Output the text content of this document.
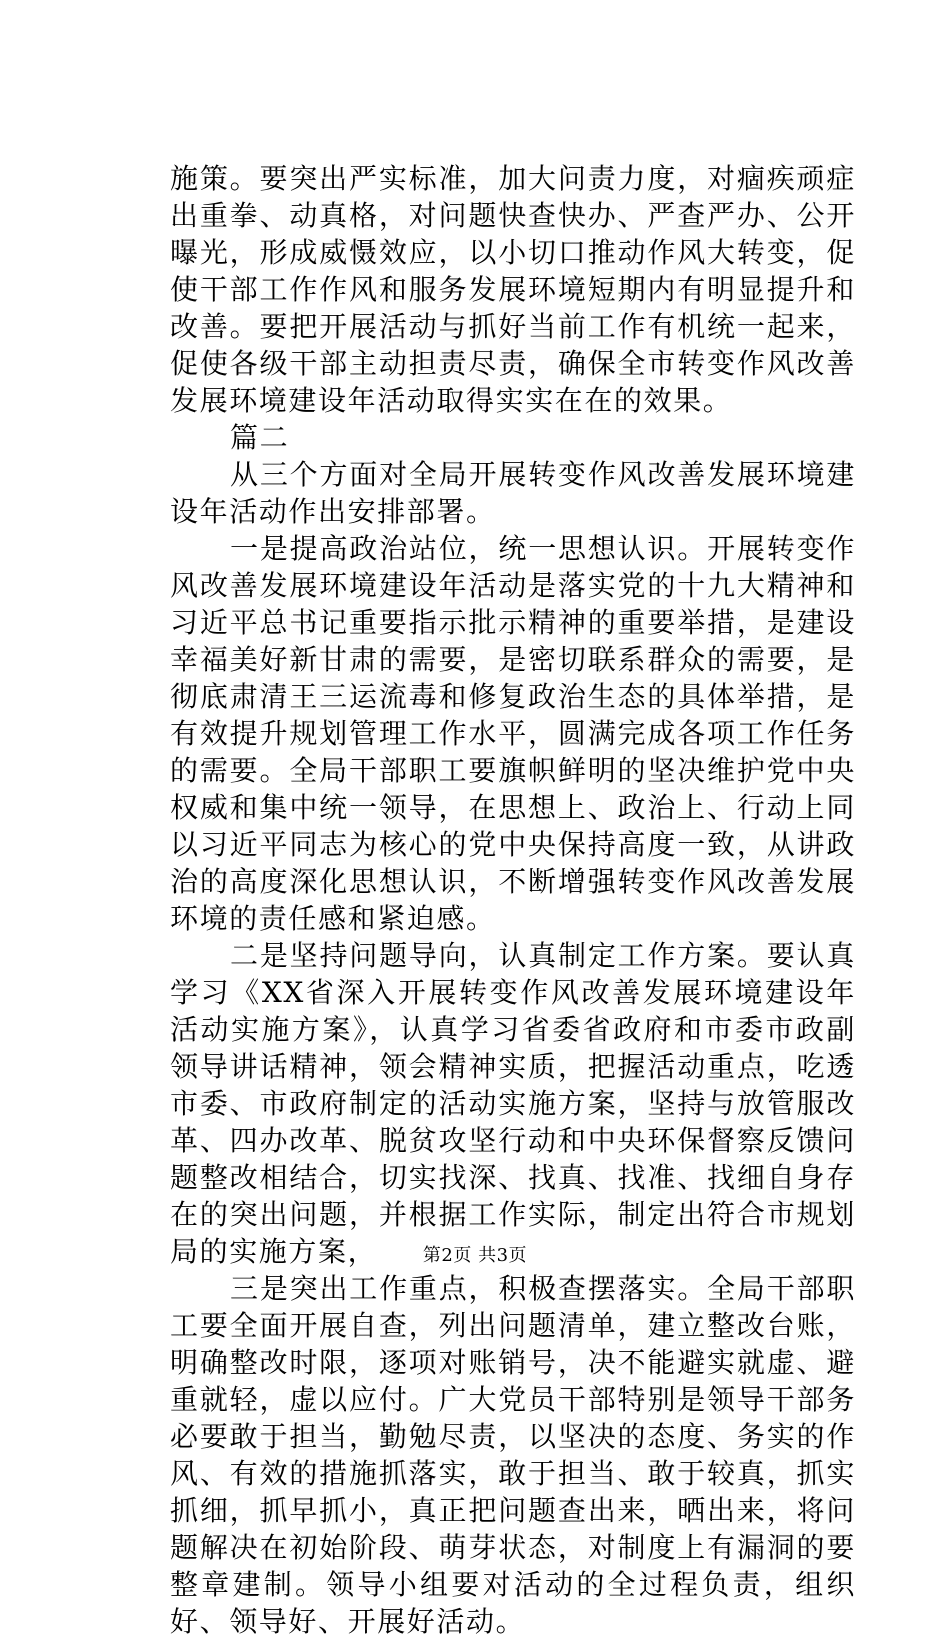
施策。要突出严实标准，加大问责力度，对痼疾顽症出重拳、动真格，对问题快查快办、严查严办、公开曝光，形成威慑效应，以小切口推动作风大转变，促使干部工作作风和服务发展环境短期内有明显提升和改善。要把开展活动与抓好当前工作有机统一起来，促使各级干部主动担责尽责，确保全市转变作风改善发展环境建设年活动取得实实在在的效果。

篇二

从三个方面对全局开展转变作风改善发展环境建设年活动作出安排部署。

一是提高政治站位，统一思想认识。开展转变作风改善发展环境建设年活动是落实党的十九大精神和习近平总书记重要指示批示精神的重要举措，是建设幸福美好新甘肃的需要，是密切联系群众的需要，是彻底肃清王三运流毒和修复政治生态的具体举措，是有效提升规划管理工作水平，圆满完成各项工作任务的需要。全局干部职工要旗帜鲜明的坚决维护党中央权威和集中统一领导，在思想上、政治上、行动上同以习近平同志为核心的党中央保持高度一致，从讲政治的高度深化思想认识，不断增强转变作风改善发展环境的责任感和紧迫感。

二是坚持问题导向，认真制定工作方案。要认真学习《XX省深入开展转变作风改善发展环境建设年活动实施方案》，认真学习省委省政府和市委市政副领导讲话精神，领会精神实质，把握活动重点，吃透市委、市政府制定的活动实施方案，坚持与放管服改革、四办改革、脱贫攻坚行动和中央环保督察反馈问题整改相结合，切实找深、找真、找准、找细自身存在的突出问题，并根据工作实际，制定出符合市规划局的实施方案，

三是突出工作重点，积极查摆落实。全局干部职工要全面开展自查，列出问题清单，建立整改台账，明确整改时限，逐项对账销号，决不能避实就虚、避重就轻，虚以应付。广大党员干部特别是领导干部务必要敢于担当，勤勉尽责，以坚决的态度、务实的作风、有效的措施抓落实，敢于担当、敢于较真，抓实抓细，抓早抓小，真正把问题查出来，晒出来，将问题解决在初始阶段、萌芽状态，对制度上有漏洞的要整章建制。领导小组要对活动的全过程负责，组织好、领导好、开展好活动。

第2页 共3页
